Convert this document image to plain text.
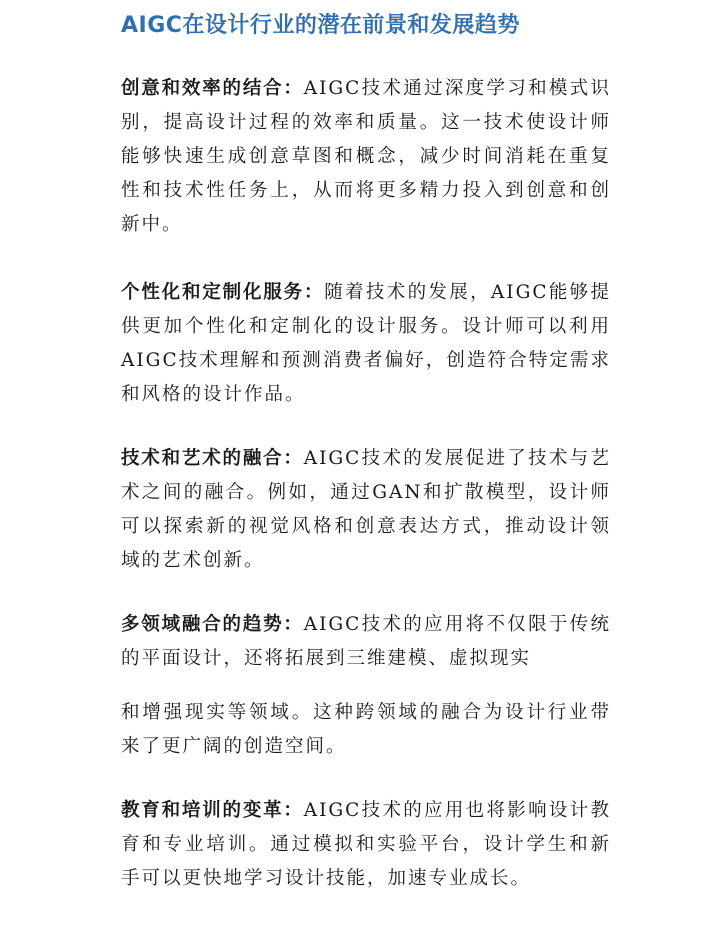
AIGC在设计行业的潜在前景和发展趋势

创意和效率的结合：AIGC技术通过深度学习和模式识别，提高设计过程的效率和质量。这一技术使设计师能够快速生成创意草图和概念，减少时间消耗在重复性和技术性任务上，从而将更多精力投入到创意和创新中。

个性化和定制化服务：随着技术的发展，AIGC能够提供更加个性化和定制化的设计服务。设计师可以利用AIGC技术理解和预测消费者偏好，创造符合特定需求和风格的设计作品。

技术和艺术的融合：AIGC技术的发展促进了技术与艺术之间的融合。例如，通过GAN和扩散模型，设计师可以探索新的视觉风格和创意表达方式，推动设计领域的艺术创新。

多领域融合的趋势：AIGC技术的应用将不仅限于传统的平面设计，还将拓展到三维建模、虚拟现实

和增强现实等领域。这种跨领域的融合为设计行业带来了更广阔的创造空间。

教育和培训的变革：AIGC技术的应用也将影响设计教育和专业培训。通过模拟和实验平台，设计学生和新手可以更快地学习设计技能，加速专业成长。
